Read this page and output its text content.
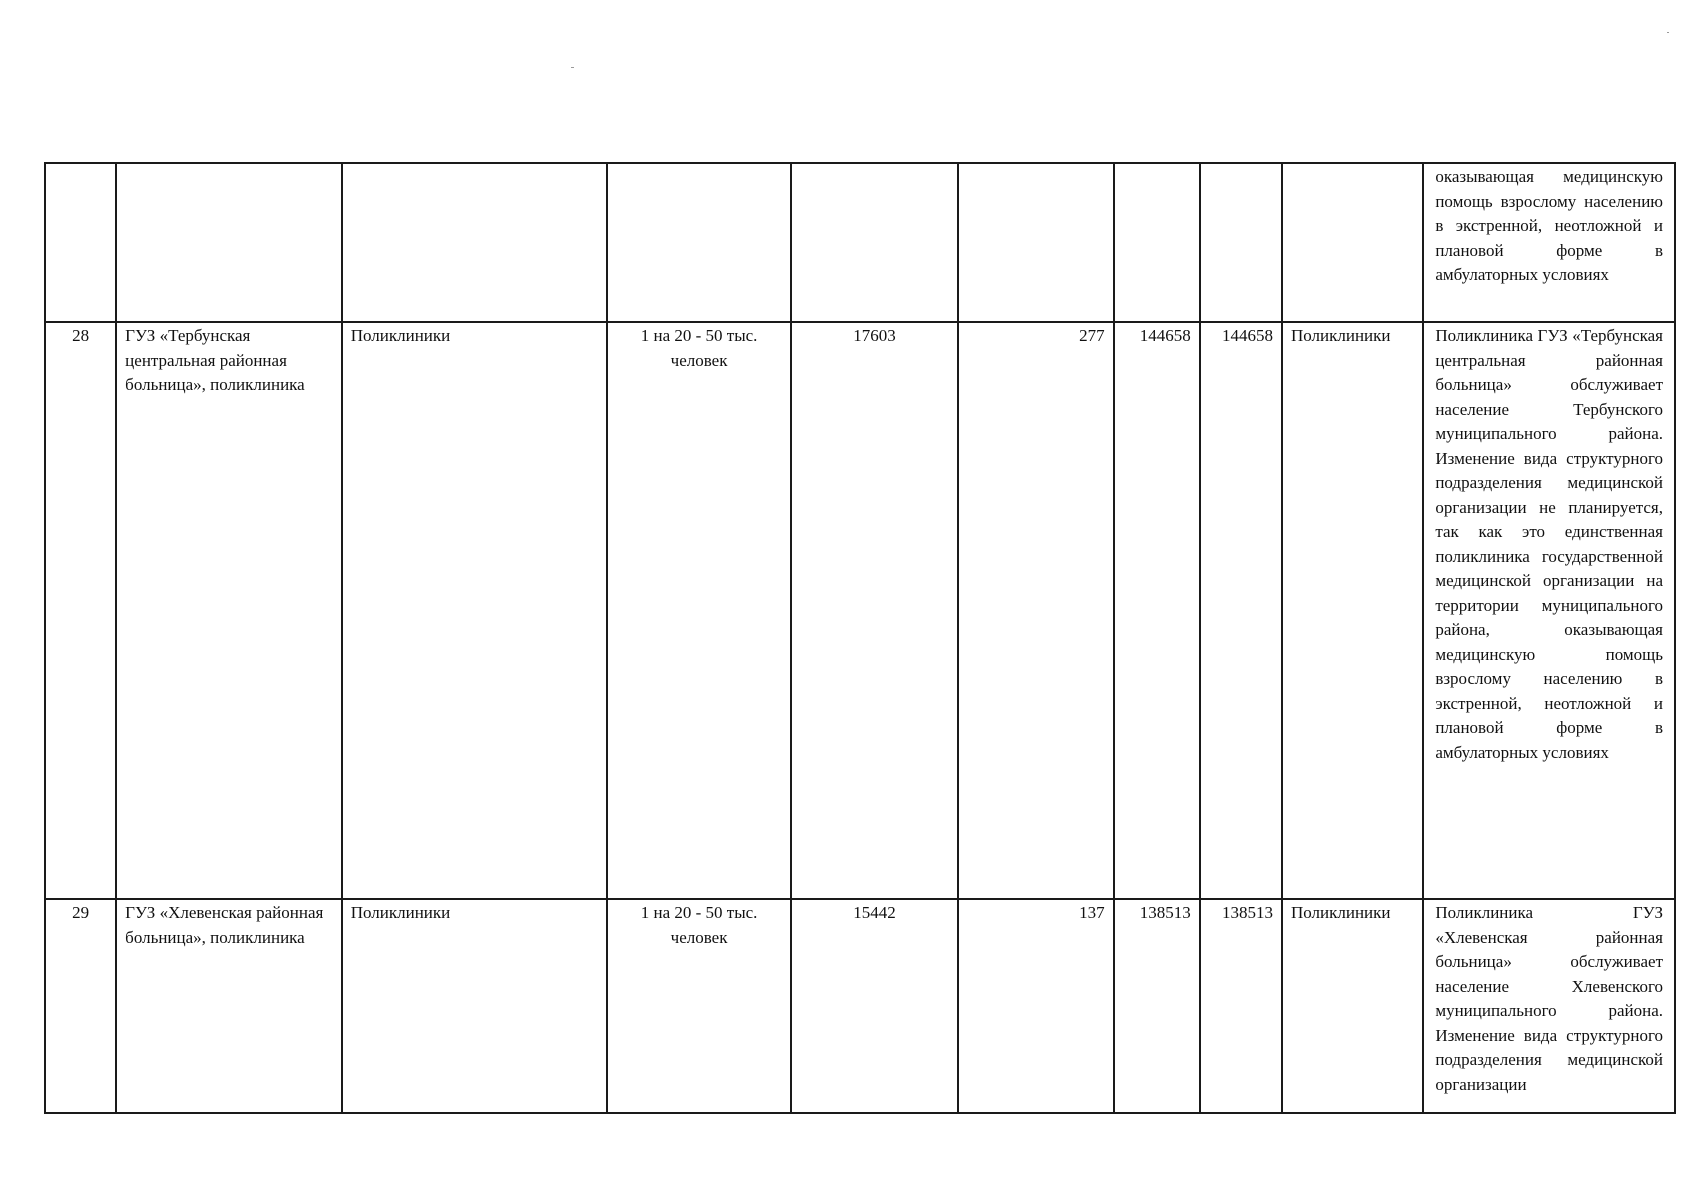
									оказывающая медицинскую помощь взрослому населению в экстренной, неотложной и плановой форме в амбулаторных условиях
28	ГУЗ «Тербунская центральная районная больница», поликлиника	Поликлиники	1 на 20 - 50 тыс. человек	17603	277	144658	144658	Поликлиники	Поликлиника ГУЗ «Тербунская центральная районная больница» обслуживает население Тербунского муниципального района. Изменение вида структурного подразделения медицинской организации не планируется, так как это единственная поликлиника государственной медицинской организации на территории муниципального района, оказывающая медицинскую помощь взрослому населению в экстренной, неотложной и плановой форме в амбулаторных условиях
29	ГУЗ «Хлевенская районная больница», поликлиника	Поликлиники	1 на 20 - 50 тыс. человек	15442	137	138513	138513	Поликлиники	Поликлиника ГУЗ «Хлевенская районная больница» обслуживает население Хлевенского муниципального района. Изменение вида структурного подразделения медицинской организации
